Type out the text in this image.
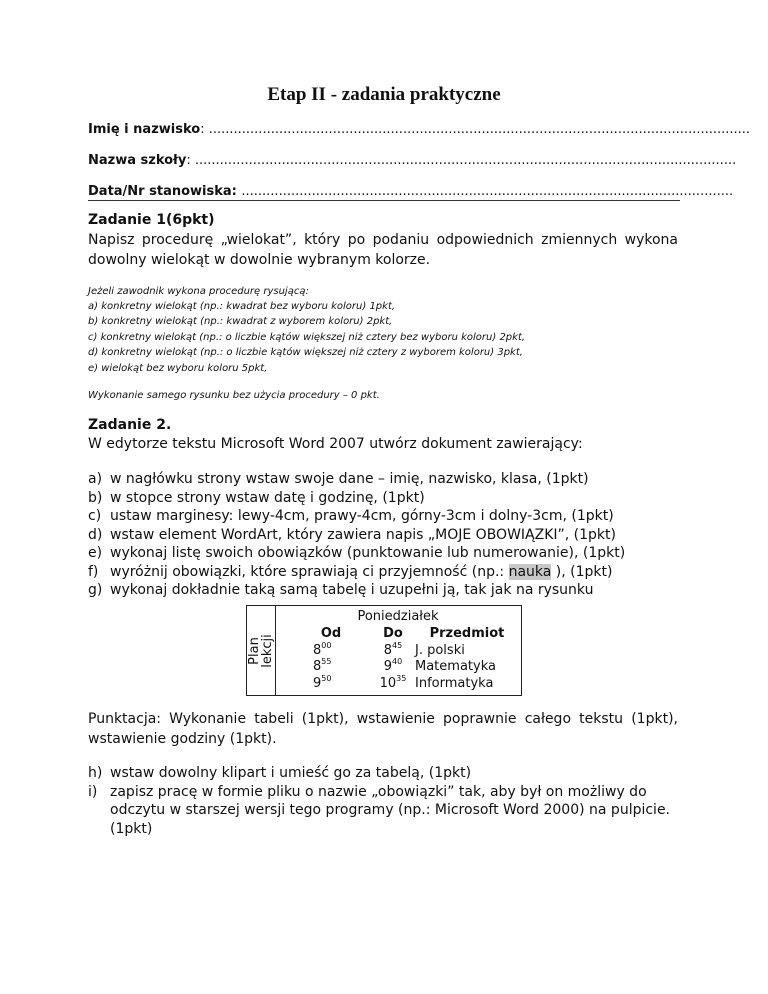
Etap II - zadania praktyczne
Imię i nazwisko: ...................................................................................................................................
Nazwa szkoły: ...................................................................................................................................
Data/Nr stanowiska: .......................................................................................................................
Zadanie 1(6pkt)
Napisz procedurę „wielokat”, który po podaniu odpowiednich zmiennych wykona dowolny wielokąt w dowolnie wybranym kolorze.
Jeżeli zawodnik wykona procedurę rysującą:
a) konkretny wielokąt (np.: kwadrat bez wyboru koloru) 1pkt,
b) konkretny wielokąt (np.: kwadrat z wyborem koloru) 2pkt,
c) konkretny wielokąt (np.: o liczbie kątów większej niż cztery bez wyboru koloru) 2pkt,
d) konkretny wielokąt (np.: o liczbie kątów większej niż cztery z wyborem koloru) 3pkt,
e) wielokąt bez wyboru koloru 5pkt,
Wykonanie samego rysunku bez użycia procedury – 0 pkt.
Zadanie 2.
W edytorze tekstu Microsoft Word 2007 utwórz dokument zawierający:
a) w nagłówku strony wstaw swoje dane – imię, nazwisko, klasa, (1pkt)
b) w stopce strony wstaw datę i godzinę, (1pkt)
c) ustaw marginesy: lewy-4cm, prawy-4cm, górny-3cm i dolny-3cm, (1pkt)
d) wstaw element WordArt, który zawiera napis „MOJE OBOWIĄZKI”, (1pkt)
e) wykonaj listę swoich obowiązków (punktowanie lub numerowanie), (1pkt)
f) wyróżnij obowiązki, które sprawiają ci przyjemność (np.: nauka ), (1pkt)
g) wykonaj dokładnie taką samą tabelę i uzupełni ją, tak jak na rysunku
Plan
lekcji
Poniedziałek
Od
$8^{00}$
$8^{55}$
$9^{50}$
Do
$8^{45}$
$9^{40}$
$10^{35}$
Przedmiot
J. polski
Matematyka
Informatyka
Punktacja: Wykonanie tabeli (1pkt), wstawienie poprawnie całego tekstu (1pkt), wstawienie godziny (1pkt).
h) wstaw dowolny klipart i umieść go za tabelą, (1pkt)
i) zapisz pracę w formie pliku o nazwie „obowiązki” tak, aby był on możliwy do odczytu w starszej wersji tego programy (np.: Microsoft Word 2000) na pulpicie. (1pkt)
